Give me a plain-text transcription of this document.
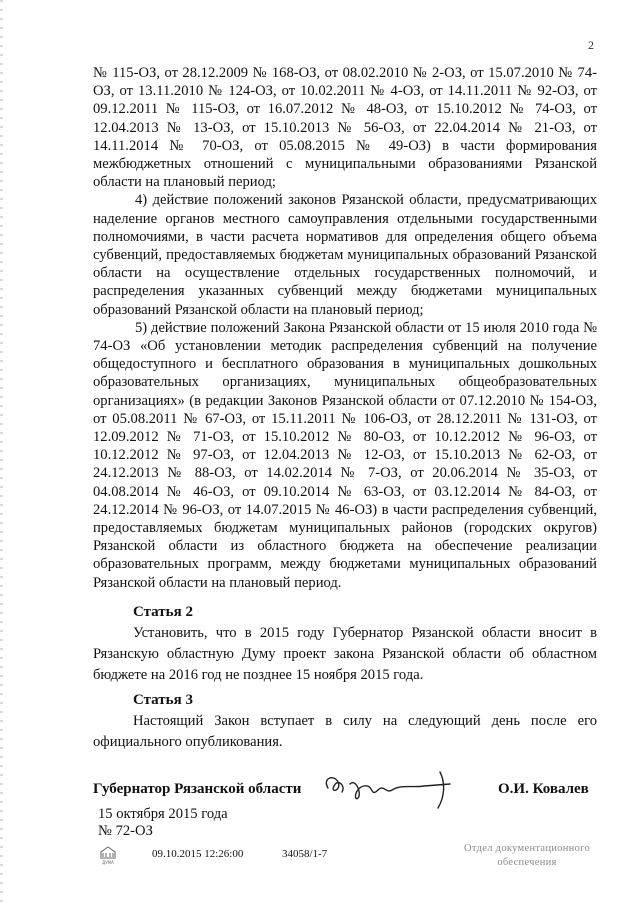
2

№ 115-ОЗ, от 28.12.2009 № 168-ОЗ, от 08.02.2010 № 2-ОЗ, от 15.07.2010 № 74-ОЗ, от 13.11.2010 № 124-ОЗ, от 10.02.2011 № 4-ОЗ, от 14.11.2011 № 92-ОЗ, от 09.12.2011 № 115-ОЗ, от 16.07.2012 № 48-ОЗ, от 15.10.2012 № 74-ОЗ, от 12.04.2013 № 13-ОЗ, от 15.10.2013 № 56-ОЗ, от 22.04.2014 № 21-ОЗ, от 14.11.2014 № 70-ОЗ, от 05.08.2015 № 49-ОЗ) в части формирования межбюджетных отношений с муниципальными образованиями Рязанской области на плановый период;

4) действие положений законов Рязанской области, предусматривающих наделение органов местного самоуправления отдельными государственными полномочиями, в части расчета нормативов для определения общего объема субвенций, предоставляемых бюджетам муниципальных образований Рязанской области на осуществление отдельных государственных полномочий, и распределения указанных субвенций между бюджетами муниципальных образований Рязанской области на плановый период;

5) действие положений Закона Рязанской области от 15 июля 2010 года № 74-ОЗ «Об установлении методик распределения субвенций на получение общедоступного и бесплатного образования в муниципальных дошкольных образовательных организациях, муниципальных общеобразовательных организациях» (в редакции Законов Рязанской области от 07.12.2010 № 154-ОЗ, от 05.08.2011 № 67-ОЗ, от 15.11.2011 № 106-ОЗ, от 28.12.2011 № 131-ОЗ, от 12.09.2012 № 71-ОЗ, от 15.10.2012 № 80-ОЗ, от 10.12.2012 № 96-ОЗ, от 10.12.2012 № 97-ОЗ, от 12.04.2013 № 12-ОЗ, от 15.10.2013 № 62-ОЗ, от 24.12.2013 № 88-ОЗ, от 14.02.2014 № 7-ОЗ, от 20.06.2014 № 35-ОЗ, от 04.08.2014 № 46-ОЗ, от 09.10.2014 № 63-ОЗ, от 03.12.2014 № 84-ОЗ, от 24.12.2014 № 96-ОЗ, от 14.07.2015 № 46-ОЗ) в части распределения субвенций, предоставляемых бюджетам муниципальных районов (городских округов) Рязанской области из областного бюджета на обеспечение реализации образовательных программ, между бюджетами муниципальных образований Рязанской области на плановый период.

Статья 2

Установить, что в 2015 году Губернатор Рязанской области вносит в Рязанскую областную Думу проект закона Рязанской области об областном бюджете на 2016 год не позднее 15 ноября 2015 года.

Статья 3

Настоящий Закон вступает в силу на следующий день после его официального опубликования.

Губернатор Рязанской области	О.И. Ковалев
15 октября 2015 года
№ 72-ОЗ
ДУМА
09.10.2015 12:26:00	34058/1-7	Отдел документационного
обеспечения
